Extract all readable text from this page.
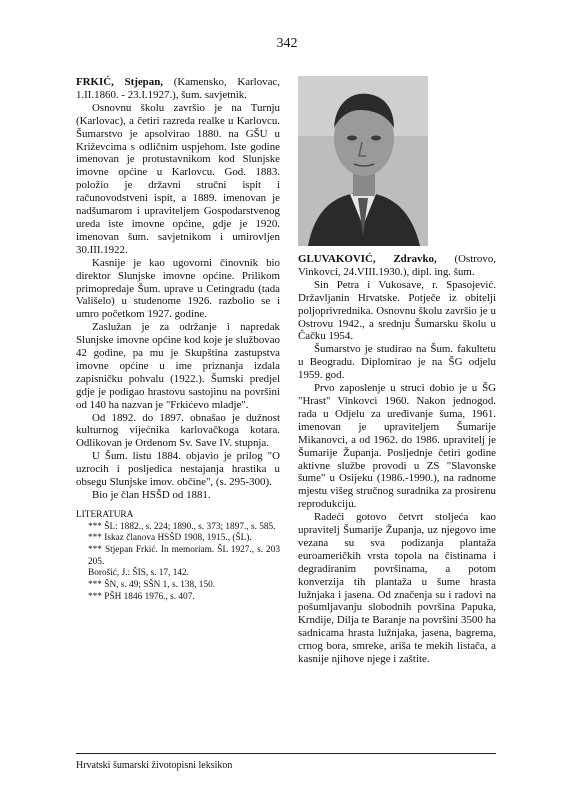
342

FRKIĆ, Stjepan, (Kamensko, Karlovac, 1.II.1860. - 23.I.1927.), šum. savjetnik.

Osnovnu školu završio je na Turnju (Karlovac), a četiri razreda realke u Karlovcu. Šumarstvo je apsolvirao 1880. na GŠU u Križevcima s odličnim uspjehom. Iste godine imenovan je protustavnikom kod Slunjske imovne općine u Karlovcu. God. 1883. položio je državni stručni ispit i računovodstveni ispit, a 1889. imenovan je nadšumarom i upraviteljem Gospodarstvenog ureda iste imovne općine, gdje je 1920. imenovan šum. savjetnikom i umirovljen 30.III.1922.

Kasnije je kao ugovorni činovnik bio direktor Slunjske imovne općine. Prilikom primopredaje Šum. uprave u Cetingradu (tada Vališelo) u studenome 1926. razbolio se i umro početkom 1927. godine.

Zaslužan je za održanje i napredak Slunjske imovne općine kod koje je službovao 42 godine, pa mu je Skupština zastupstva imovne općine u ime priznanja izdala zapisničku pohvalu (1922.). Šumski predjel gdje je podigao hrastovu sastojinu na površini od 140 ha nazvan je "Frkićevo mladje".

Od 1892. do 1897. obnašao je dužnost kulturnog vijećnika karlovačkoga kotara. Odlikovan je Ordenom Sv. Save IV. stupnja.

U Šum. listu 1884. objavio je prilog "O uzrocih i posljedica nestajanja hrastika u obsegu Slunjske imov. občine", (s. 295-300).

Bio je član HSŠD od 1881.

LITERATURA
*** ŠL: 1882., s. 224; 1890., s. 373; 1897., s. 585.
*** Iskaz članova HSŠD 1908, 1915., (ŠL).
*** Stjepan Frkić. In memoriam. ŠL 1927., s. 203 205.
Borošić, J.: ŠIS, s. 17, 142.
*** ŠN, s. 49; SŠN 1, s. 138, 150.
*** PŠH 1846 1976., s. 407.

GLUVAKOVIĆ, Zdravko, (Ostrovo, Vinkovci, 24.VIII.1930.), dipl. ing. šum.

Sin Petra i Vukosave, r. Spasojević. Državljanin Hrvatske. Potječe iz obitelji poljoprivrednika. Osnovnu školu završio je u Ostrovu 1942., a srednju Šumarsku školu u Čačku 1954.

Šumarstvo je studirao na Šum. fakultetu u Beogradu. Diplomirao je na ŠG odjelu 1959. god.

Prvo zaposlenje u struci dobio je u ŠG "Hrast" Vinkovci 1960. Nakon jednogod. rada u Odjelu za uređivanje šuma, 1961. imenovan je upraviteljem Šumarije Mikanovci, a od 1962. do 1986. upravitelj je Šumarije Županja. Posljednje četiri godine aktivne službe provodi u ZS "Slavonske šume" u Osijeku (1986.-1990.), na radnome mjestu višeg stručnog suradnika za prosirenu reprodukciju.

Radeći gotovo četvrt stoljeća kao upravitelj Šumarije Županja, uz njegovo ime vezana su sva podizanja plantaža euroameričkih vrsta topola na čistinama i degradiranim površinama, a potom konverzija tih plantaža u šume hrasta lužnjaka i jasena. Od značenja su i radovi na pošumljavanju slobodnih površina Papuka, Krndije, Dilja te Baranje na površini 3500 ha sadnicama hrasta lužnjaka, jasena, bagrema, crnog bora, smreke, ariša te mekih listača, a kasnije njihove njege i zaštite.

Hrvatski šumarski životopisni leksikon
